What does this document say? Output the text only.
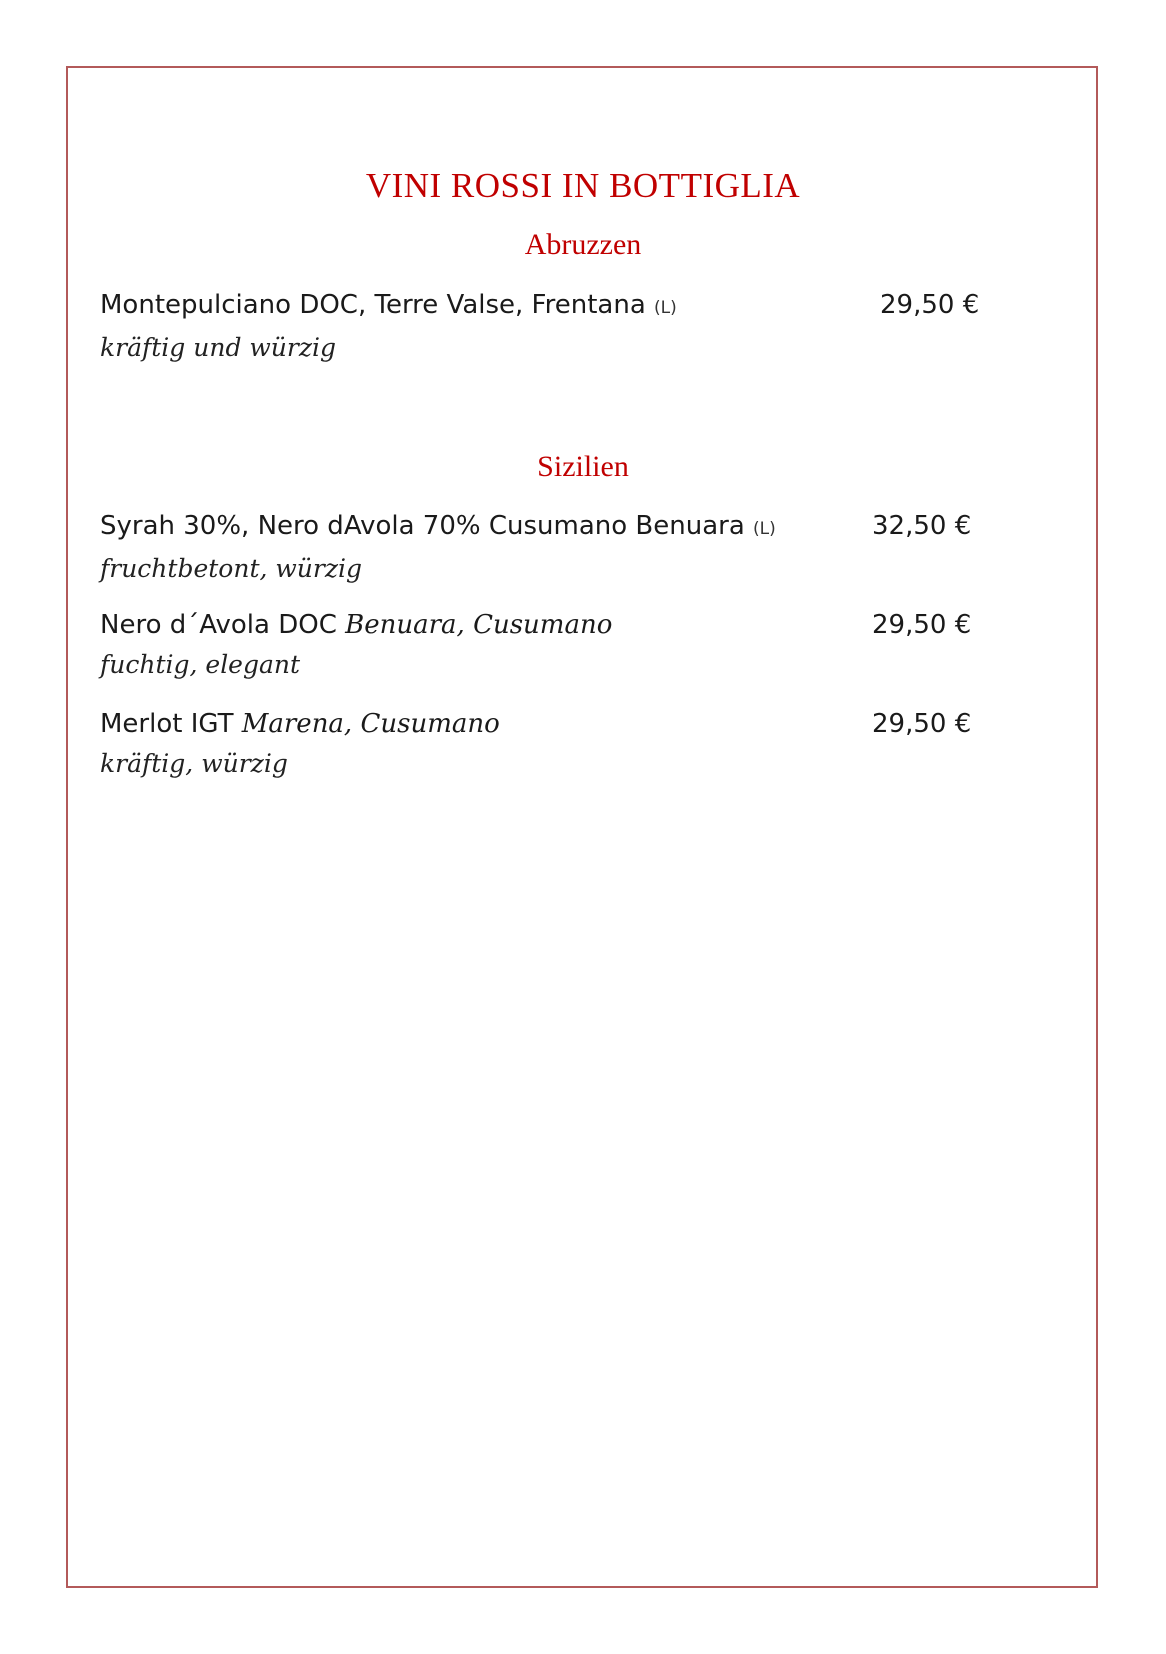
VINI ROSSI IN BOTTIGLIA
Abruzzen
Montepulciano DOC, Terre Valse, Frentana (L)
kräftig und würzig
29,50 €
Sizilien
Syrah 30%, Nero dAvola 70% Cusumano Benuara (L)
fruchtbetont, würzig
32,50 €
Nero d´Avola DOC Benuara, Cusumano
fuchtig, elegant
29,50 €
Merlot IGT Marena, Cusumano
kräftig, würzig
29,50 €
